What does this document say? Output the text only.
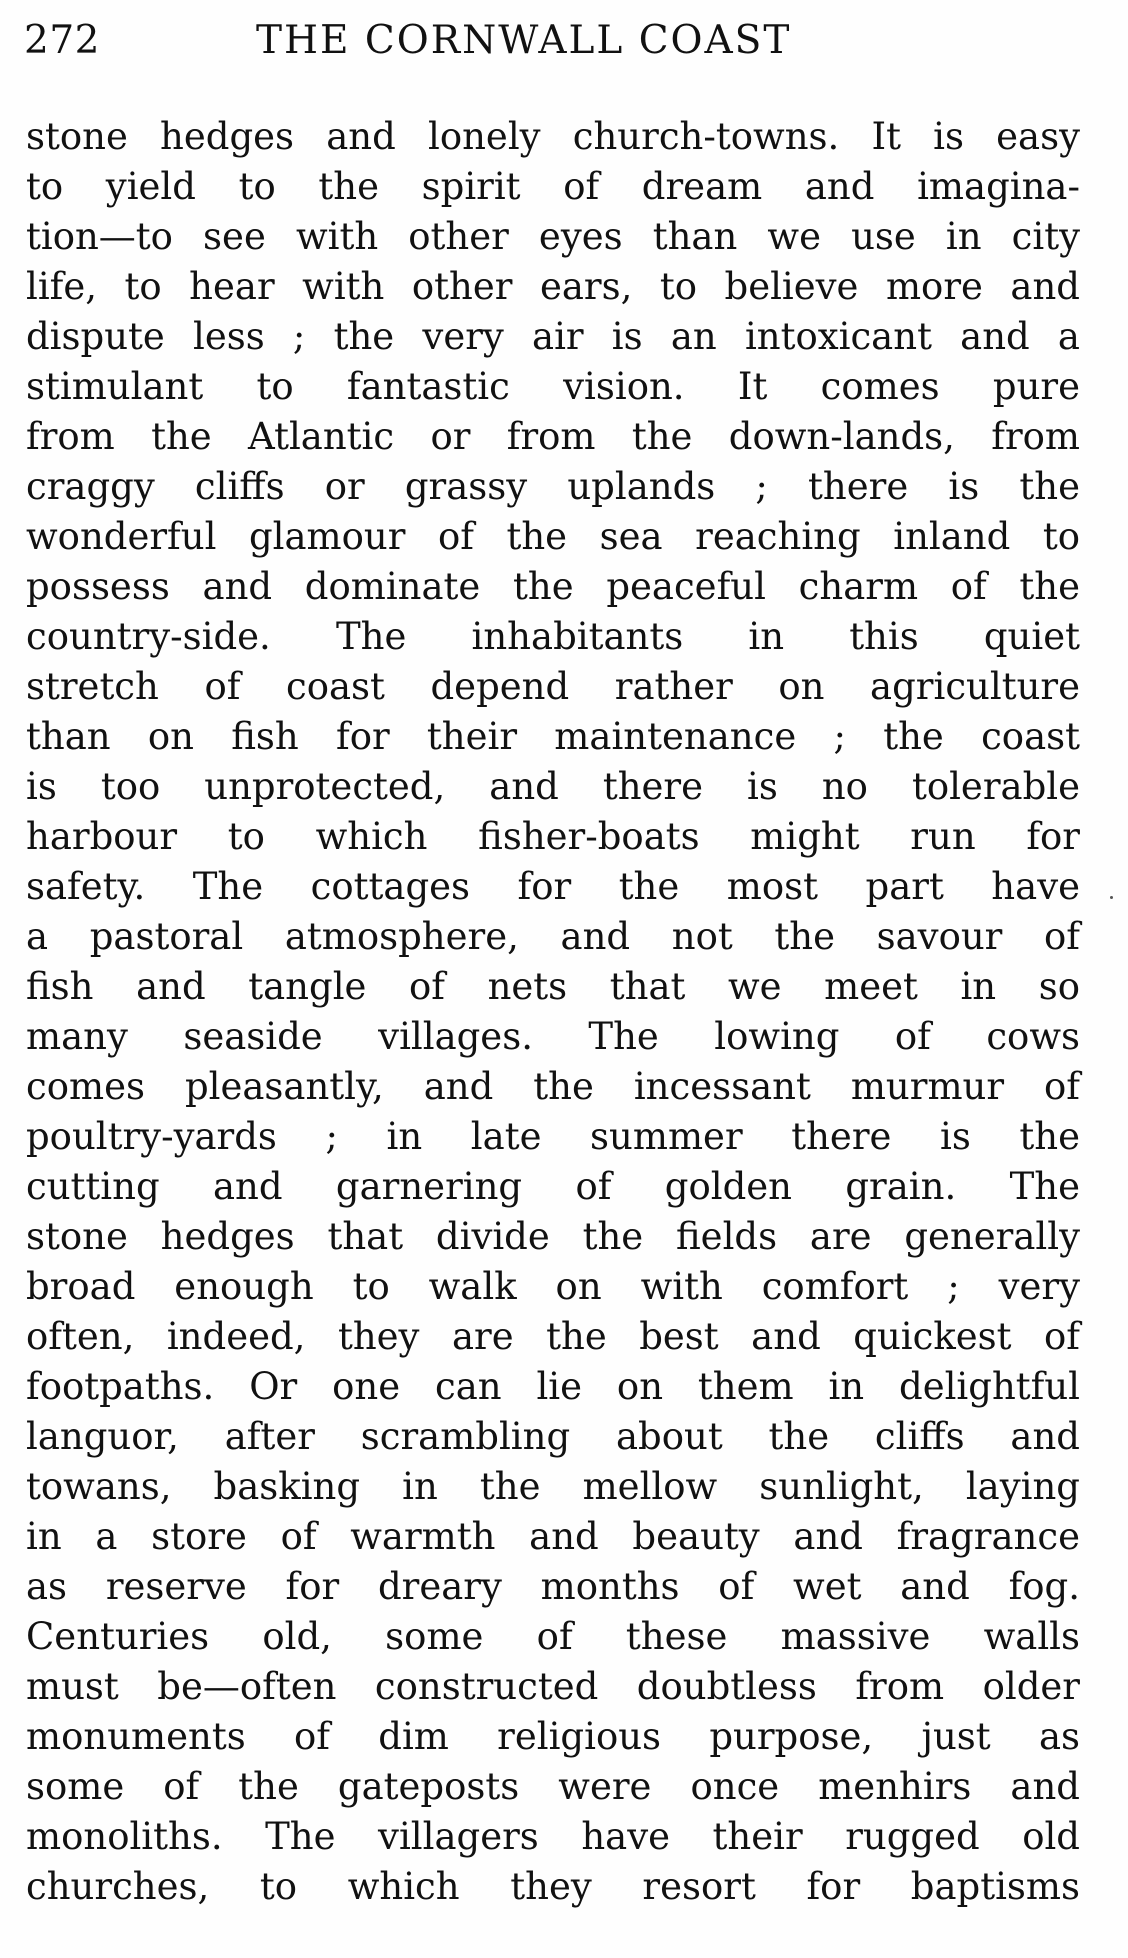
272	THE CORNWALL COAST
stone hedges and lonely church-towns. It is easy
to yield to the spirit of dream and imagina-
tion—to see with other eyes than we use in city
life, to hear with other ears, to believe more and
dispute less ; the very air is an intoxicant and a
stimulant to fantastic vision. It comes pure
from the Atlantic or from the down-lands, from
craggy cliffs or grassy uplands ; there is the
wonderful glamour of the sea reaching inland to
possess and dominate the peaceful charm of the
country-side. The inhabitants in this quiet
stretch of coast depend rather on agriculture
than on fish for their maintenance ; the coast
is too unprotected, and there is no tolerable
harbour to which fisher-boats might run for
safety. The cottages for the most part have
a pastoral atmosphere, and not the savour of
fish and tangle of nets that we meet in so
many seaside villages. The lowing of cows
comes pleasantly, and the incessant murmur of
poultry-yards ; in late summer there is the
cutting and garnering of golden grain. The
stone hedges that divide the fields are generally
broad enough to walk on with comfort ; very
often, indeed, they are the best and quickest of
footpaths. Or one can lie on them in delightful
languor, after scrambling about the cliffs and
towans, basking in the mellow sunlight, laying
in a store of warmth and beauty and fragrance
as reserve for dreary months of wet and fog.
Centuries old, some of these massive walls
must be—often constructed doubtless from older
monuments of dim religious purpose, just as
some of the gateposts were once menhirs and
monoliths. The villagers have their rugged old
churches, to which they resort for baptisms
